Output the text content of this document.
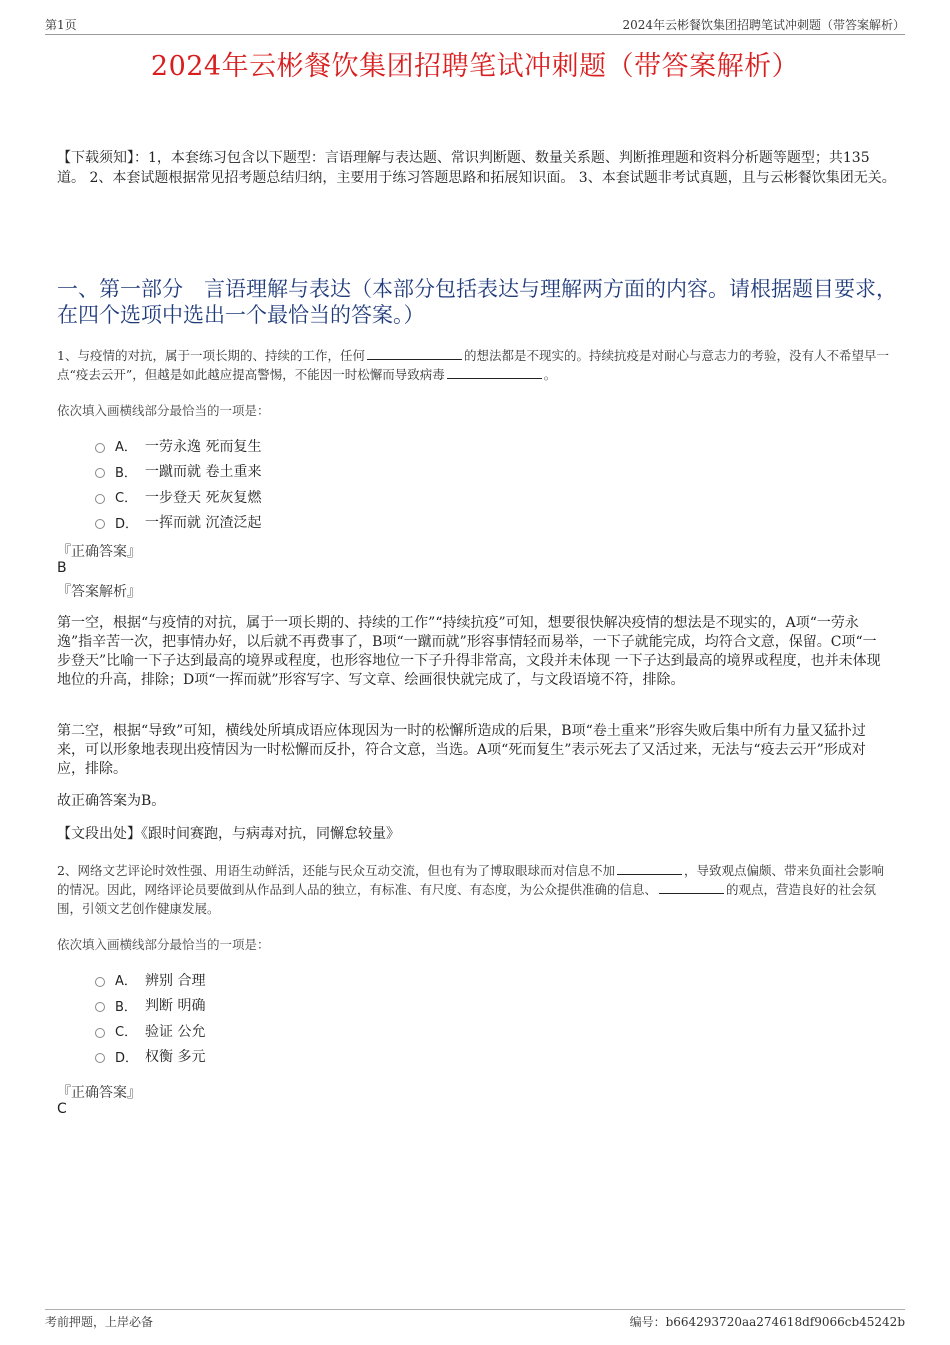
第1页	2024年云彬餐饮集团招聘笔试冲刺题（带答案解析）
2024年云彬餐饮集团招聘笔试冲刺题（带答案解析）
【下载须知】：1，本套练习包含以下题型：言语理解与表达题、常识判断题、数量关系题、判断推理题和资料分析题等题型；共135道。 2、本套试题根据常见招考题总结归纳，主要用于练习答题思路和拓展知识面。 3、本套试题非考试真题，且与云彬餐饮集团无关。
一、第一部分　言语理解与表达（本部分包括表达与理解两方面的内容。请根据题目要求，在四个选项中选出一个最恰当的答案。）
1、与疫情的对抗，属于一项长期的、持续的工作，任何	的想法都是不现实的。持续抗疫是对耐心与意志力的考验，没有人不希望早一点“疫去云开”，但越是如此越应提高警惕，不能因一时松懈而导致病毒	。
依次填入画横线部分最恰当的一项是：
A． 一劳永逸 死而复生
B． 一蹴而就 卷土重来
C． 一步登天 死灰复燃
D． 一挥而就 沉渣泛起
『正确答案』
B
『答案解析』
第一空，根据“与疫情的对抗，属于一项长期的、持续的工作”“持续抗疫”可知，想要很快解决疫情的想法是不现实的，A项“一劳永逸”指辛苦一次，把事情办好，以后就不再费事了，B项“一蹴而就”形容事情轻而易举，一下子就能完成，均符合文意，保留。C项“一步登天”比喻一下子达到最高的境界或程度，也形容地位一下子升得非常高，文段并未体现 一下子达到最高的境界或程度，也并未体现地位的升高，排除；D项“一挥而就”形容写字、写文章、绘画很快就完成了，与文段语境不符，排除。
第二空，根据“导致”可知，横线处所填成语应体现因为一时的松懈所造成的后果，B项“卷土重来”形容失败后集中所有力量又猛扑过来，可以形象地表现出疫情因为一时松懈而反扑，符合文意，当选。A项“死而复生”表示死去了又活过来，无法与“疫去云开”形成对应，排除。
故正确答案为B。
【文段出处】《跟时间赛跑，与病毒对抗，同懈怠较量》
2、网络文艺评论时效性强、用语生动鲜活，还能与民众互动交流，但也有为了博取眼球而对信息不加	，导致观点偏颇、带来负面社会影响的情况。因此，网络评论员要做到从作品到人品的独立，有标准、有尺度、有态度，为公众提供准确的信息、	的观点，营造良好的社会氛围，引领文艺创作健康发展。
依次填入画横线部分最恰当的一项是：
A． 辨别 合理
B． 判断 明确
C． 验证 公允
D． 权衡 多元
『正确答案』
C
考前押题，上岸必备	编号：b664293720aa274618df9066cb45242b
